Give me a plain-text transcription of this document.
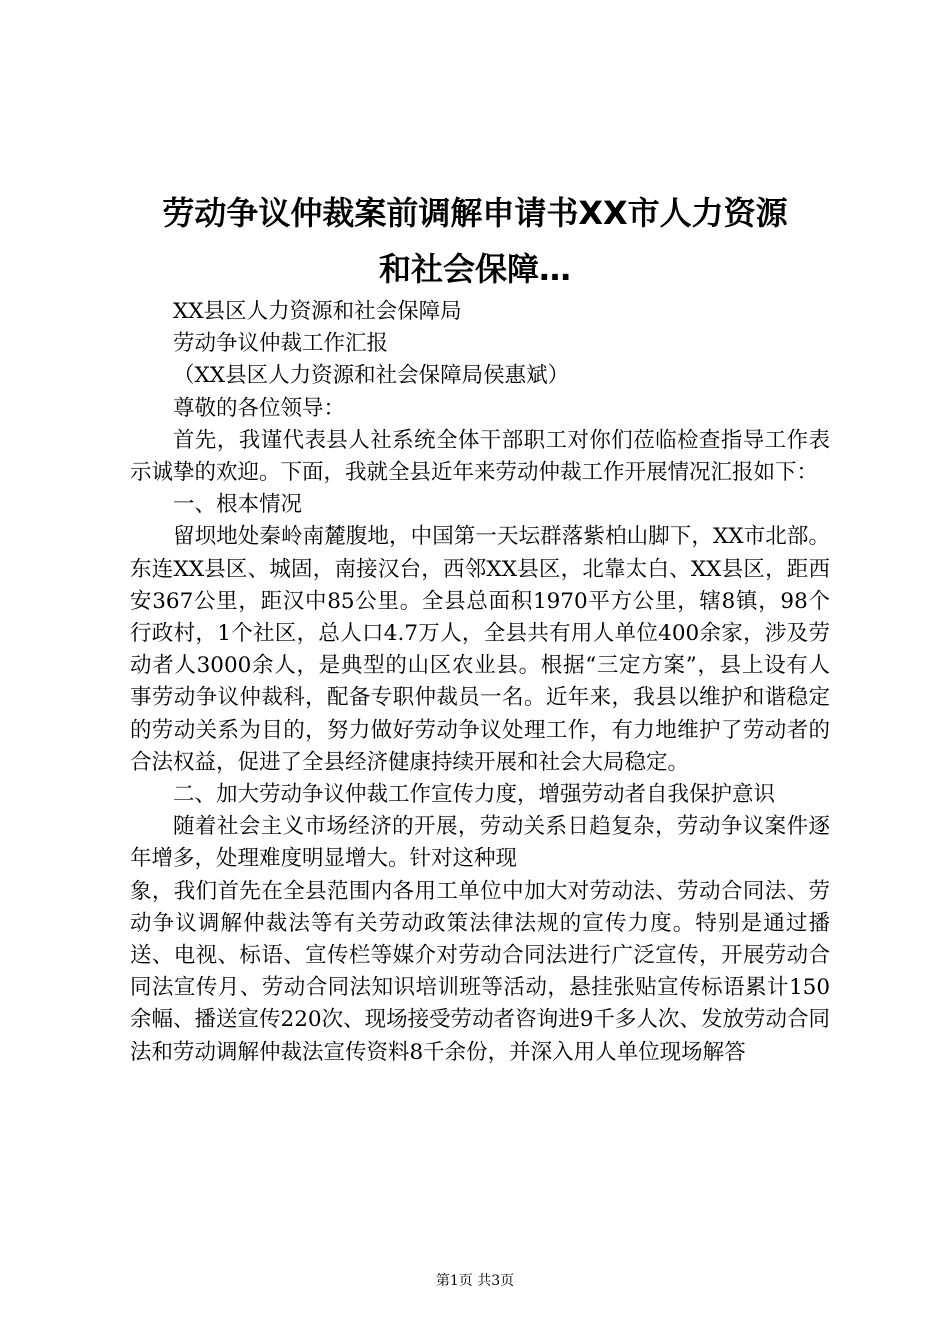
劳动争议仲裁案前调解申请书XX市人力资源
和社会保障…

XX县区人力资源和社会保障局

劳动争议仲裁工作汇报

（XX县区人力资源和社会保障局侯惠斌）

尊敬的各位领导：

首先，我谨代表县人社系统全体干部职工对你们莅临检查指导工作表示诚挚的欢迎。下面，我就全县近年来劳动仲裁工作开展情况汇报如下：

一、根本情况

留坝地处秦岭南麓腹地，中国第一天坛群落紫柏山脚下，XX市北部。东连XX县区、城固，南接汉台，西邻XX县区，北靠太白、XX县区，距西安367公里，距汉中85公里。全县总面积1970平方公里，辖8镇，98个行政村，1个社区，总人口4.7万人，全县共有用人单位400余家，涉及劳动者人3000余人，是典型的山区农业县。根据“三定方案”，县上设有人事劳动争议仲裁科，配备专职仲裁员一名。近年来，我县以维护和谐稳定的劳动关系为目的，努力做好劳动争议处理工作，有力地维护了劳动者的合法权益，促进了全县经济健康持续开展和社会大局稳定。

二、加大劳动争议仲裁工作宣传力度，增强劳动者自我保护意识

随着社会主义市场经济的开展，劳动关系日趋复杂，劳动争议案件逐年增多，处理难度明显增大。针对这种现

象，我们首先在全县范围内各用工单位中加大对劳动法、劳动合同法、劳动争议调解仲裁法等有关劳动政策法律法规的宣传力度。特别是通过播送、电视、标语、宣传栏等媒介对劳动合同法进行广泛宣传，开展劳动合同法宣传月、劳动合同法知识培训班等活动，悬挂张贴宣传标语累计150余幅、播送宣传220次、现场接受劳动者咨询进9千多人次、发放劳动合同法和劳动调解仲裁法宣传资料8千余份，并深入用人单位现场解答

第1页 共3页
